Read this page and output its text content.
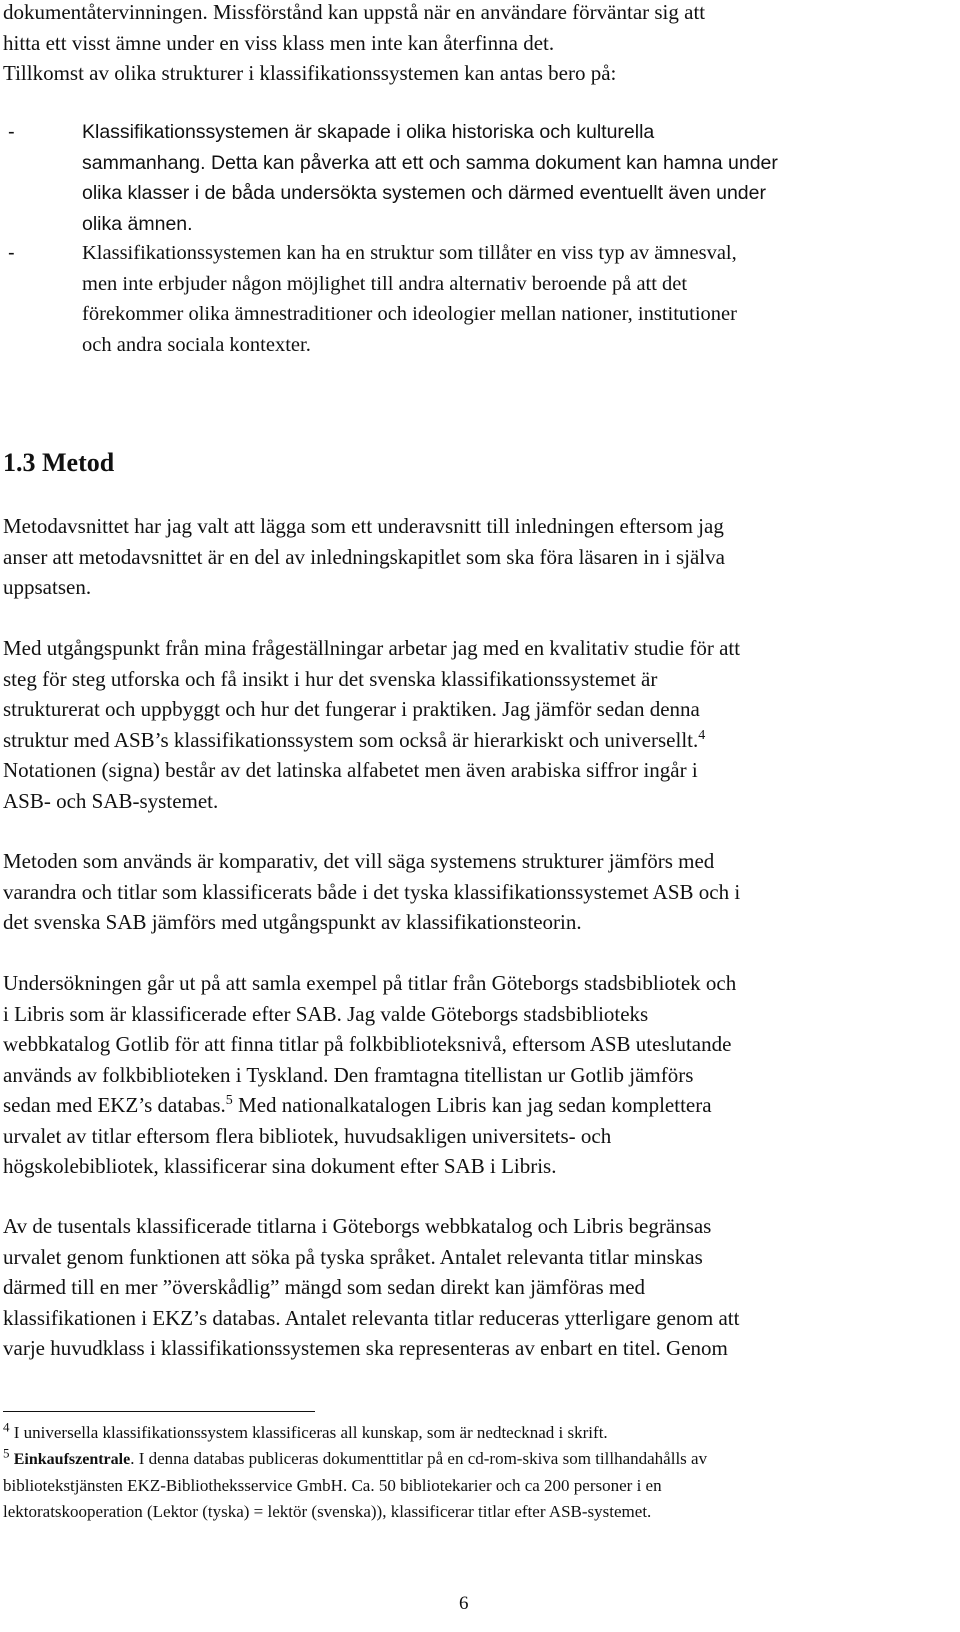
dokumentåtervinningen. Missförstånd kan uppstå när en användare förväntar sig att
hitta ett visst ämne under en viss klass men inte kan återfinna det.
Tillkomst av olika strukturer i klassifikationssystemen kan antas bero på:

-	Klassifikationssystemen är skapade i olika historiska och kulturella
sammanhang. Detta kan påverka att ett och samma dokument kan hamna under
olika klasser i de båda undersökta systemen och därmed eventuellt även under
olika ämnen.

-	Klassifikationssystemen kan ha en struktur som tillåter en viss typ av ämnesval,
men inte erbjuder någon möjlighet till andra alternativ beroende på att det
förekommer olika ämnestraditioner och ideologier mellan nationer, institutioner
och andra sociala kontexter.

1.3 Metod

Metodavsnittet har jag valt att lägga som ett underavsnitt till inledningen eftersom jag
anser att metodavsnittet är en del av inledningskapitlet som ska föra läsaren in i själva
uppsatsen.

Med utgångspunkt från mina frågeställningar arbetar jag med en kvalitativ studie för att
steg för steg utforska och få insikt i hur det svenska klassifikationssystemet är
strukturerat och uppbyggt och hur det fungerar i praktiken. Jag jämför sedan denna
struktur med ASB’s klassifikationssystem som också är hierarkiskt och universellt.$^4$
Notationen (signa) består av det latinska alfabetet men även arabiska siffror ingår i
ASB- och SAB-systemet.

Metoden som används är komparativ, det vill säga systemens strukturer jämförs med
varandra och titlar som klassificerats både i det tyska klassifikationssystemet ASB och i
det svenska SAB jämförs med utgångspunkt av klassifikationsteorin.

Undersökningen går ut på att samla exempel på titlar från Göteborgs stadsbibliotek och
i Libris som är klassificerade efter SAB. Jag valde Göteborgs stadsbiblioteks
webbkatalog Gotlib för att finna titlar på folkbiblioteksnivå, eftersom ASB uteslutande
används av folkbiblioteken i Tyskland. Den framtagna titellistan ur Gotlib jämförs
sedan med EKZ’s databas.$^5$ Med nationalkatalogen Libris kan jag sedan komplettera
urvalet av titlar eftersom flera bibliotek, huvudsakligen universitets- och
högskolebibliotek, klassificerar sina dokument efter SAB i Libris.

Av de tusentals klassificerade titlarna i Göteborgs webbkatalog och Libris begränsas
urvalet genom funktionen att söka på tyska språket. Antalet relevanta titlar minskas
därmed till en mer ”överskådlig” mängd som sedan direkt kan jämföras med
klassifikationen i EKZ’s databas. Antalet relevanta titlar reduceras ytterligare genom att
varje huvudklass i klassifikationssystemen ska representeras av enbart en titel. Genom

$^4$ I universella klassifikationssystem klassificeras all kunskap, som är nedtecknad i skrift.

$^5$ Einkaufszentrale. I denna databas publiceras dokumenttitlar på en cd-rom-skiva som tillhandahålls av
bibliotekstjänsten EKZ-Bibliotheksservice GmbH. Ca. 50 bibliotekarier och ca 200 personer i en
lektoratskooperation (Lektor (tyska) = lektör (svenska)), klassificerar titlar efter ASB-systemet.

6
